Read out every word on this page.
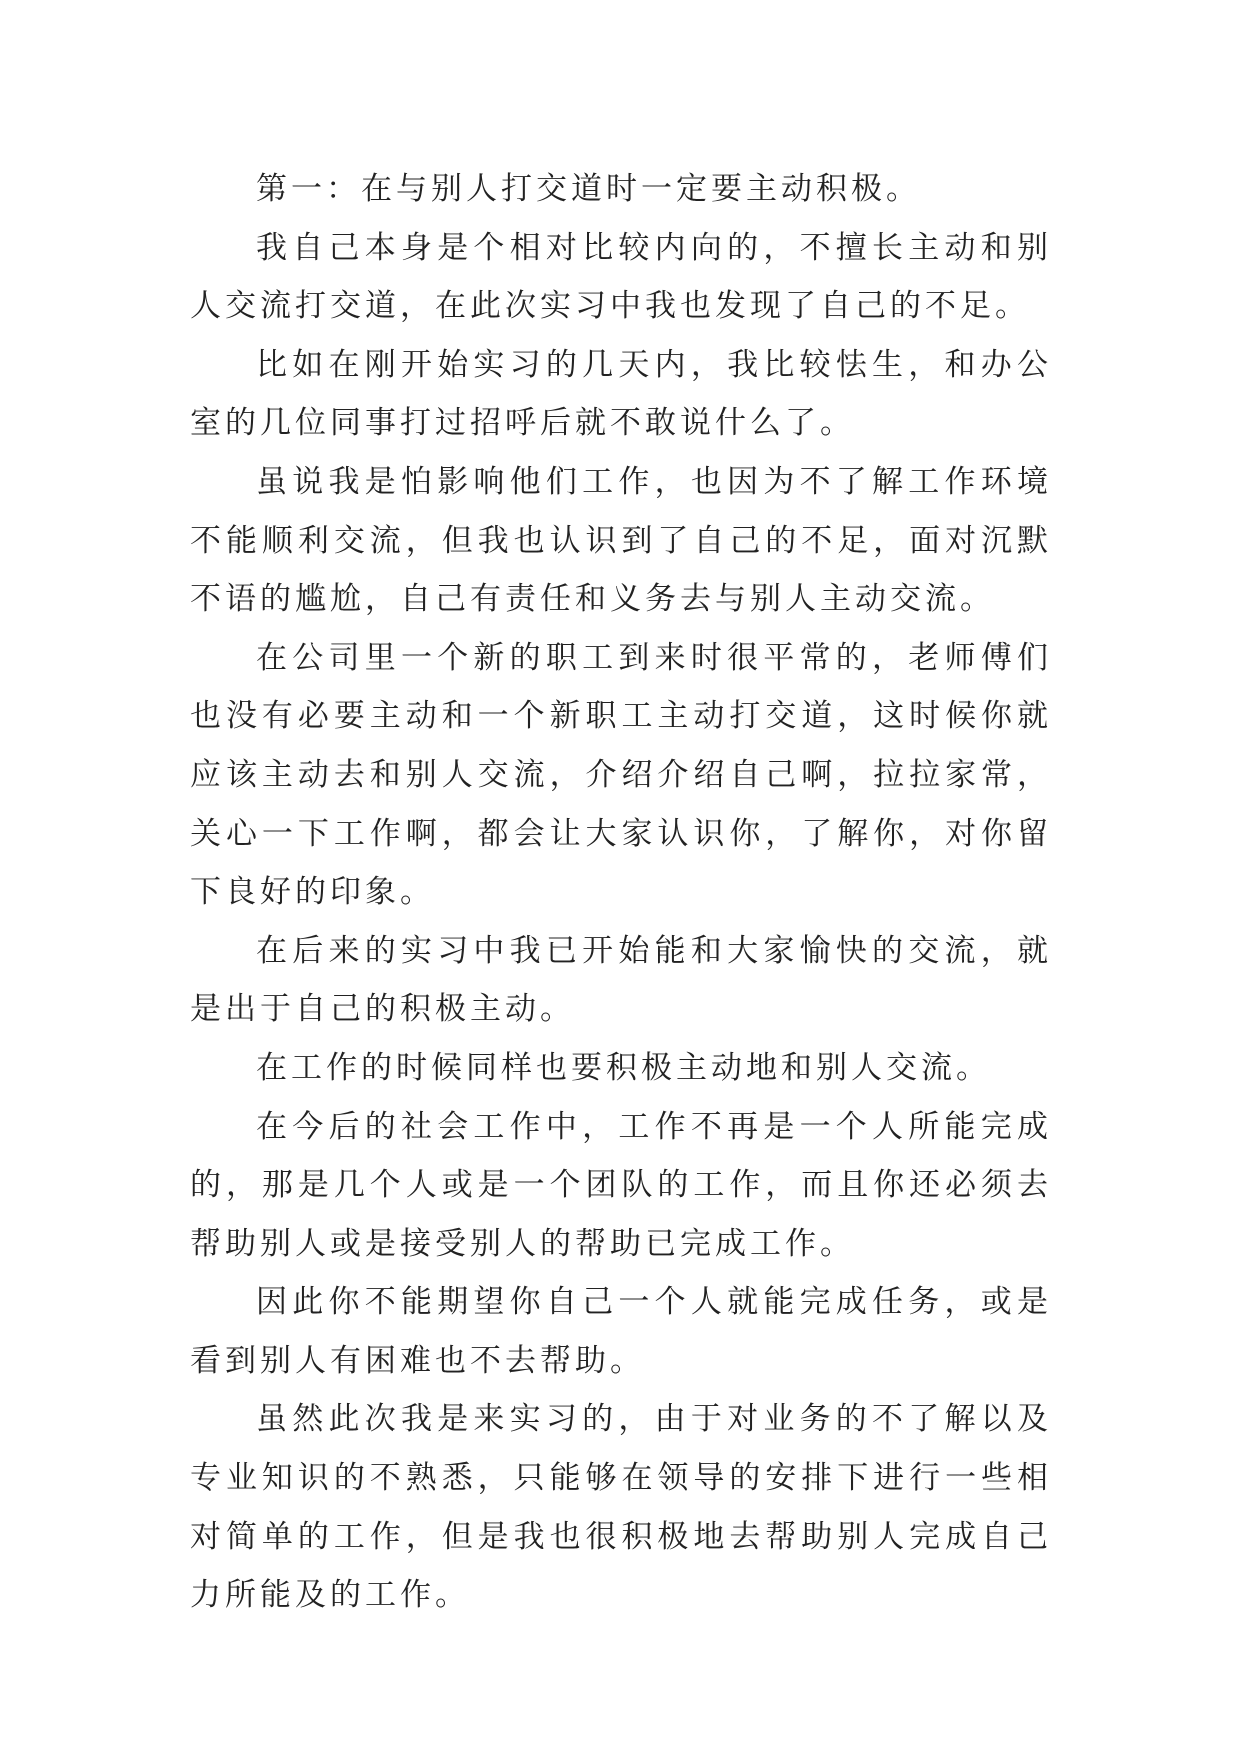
第一：在与别人打交道时一定要主动积极。

我自己本身是个相对比较内向的，不擅长主动和别人交流打交道，在此次实习中我也发现了自己的不足。

比如在刚开始实习的几天内，我比较怯生，和办公室的几位同事打过招呼后就不敢说什么了。

虽说我是怕影响他们工作，也因为不了解工作环境不能顺利交流，但我也认识到了自己的不足，面对沉默不语的尴尬，自己有责任和义务去与别人主动交流。

在公司里一个新的职工到来时很平常的，老师傅们也没有必要主动和一个新职工主动打交道，这时候你就应该主动去和别人交流，介绍介绍自己啊，拉拉家常，关心一下工作啊，都会让大家认识你，了解你，对你留下良好的印象。

在后来的实习中我已开始能和大家愉快的交流，就是出于自己的积极主动。

在工作的时候同样也要积极主动地和别人交流。

在今后的社会工作中，工作不再是一个人所能完成的，那是几个人或是一个团队的工作，而且你还必须去帮助别人或是接受别人的帮助已完成工作。

因此你不能期望你自己一个人就能完成任务，或是看到别人有困难也不去帮助。

虽然此次我是来实习的，由于对业务的不了解以及专业知识的不熟悉，只能够在领导的安排下进行一些相对简单的工作，但是我也很积极地去帮助别人完成自己力所能及的工作。
